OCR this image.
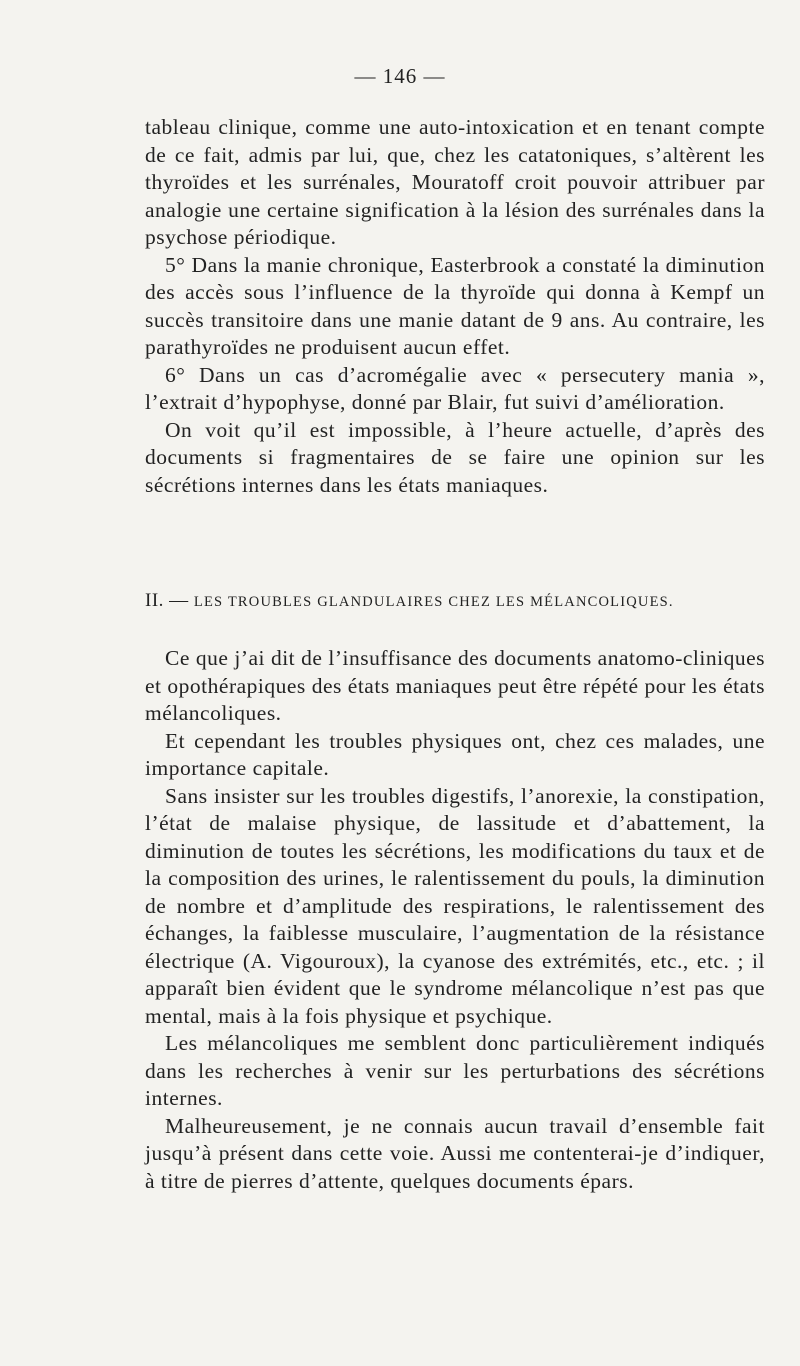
— 146 —

tableau clinique, comme une auto-intoxication et en tenant compte de ce fait, admis par lui, que, chez les catatoniques, s’altèrent les thyroïdes et les surrénales, Mouratoff croit pouvoir attribuer par analogie une certaine signification à la lésion des surrénales dans la psychose périodique.

5° Dans la manie chronique, Easterbrook a constaté la diminution des accès sous l’influence de la thyroïde qui donna à Kempf un succès transitoire dans une manie datant de 9 ans. Au contraire, les parathyroïdes ne produisent aucun effet.

6° Dans un cas d’acromégalie avec « persecutery mania », l’extrait d’hypophyse, donné par Blair, fut suivi d’amélioration.

On voit qu’il est impossible, à l’heure actuelle, d’après des documents si fragmentaires de se faire une opinion sur les sécrétions internes dans les états maniaques.

II. — LES TROUBLES GLANDULAIRES CHEZ LES MÉLANCOLIQUES.

Ce que j’ai dit de l’insuffisance des documents anatomo-cliniques et opothérapiques des états maniaques peut être répété pour les états mélancoliques.

Et cependant les troubles physiques ont, chez ces malades, une importance capitale.

Sans insister sur les troubles digestifs, l’anorexie, la constipation, l’état de malaise physique, de lassitude et d’abattement, la diminution de toutes les sécrétions, les modifications du taux et de la composition des urines, le ralentissement du pouls, la diminution de nombre et d’amplitude des respirations, le ralentissement des échanges, la faiblesse musculaire, l’augmentation de la résistance électrique (A. Vigouroux), la cyanose des extrémités, etc., etc. ; il apparaît bien évident que le syndrome mélancolique n’est pas que mental, mais à la fois physique et psychique.

Les mélancoliques me semblent donc particulièrement indiqués dans les recherches à venir sur les perturbations des sécrétions internes.

Malheureusement, je ne connais aucun travail d’ensemble fait jusqu’à présent dans cette voie. Aussi me contenterai-je d’indiquer, à titre de pierres d’attente, quelques documents épars.
